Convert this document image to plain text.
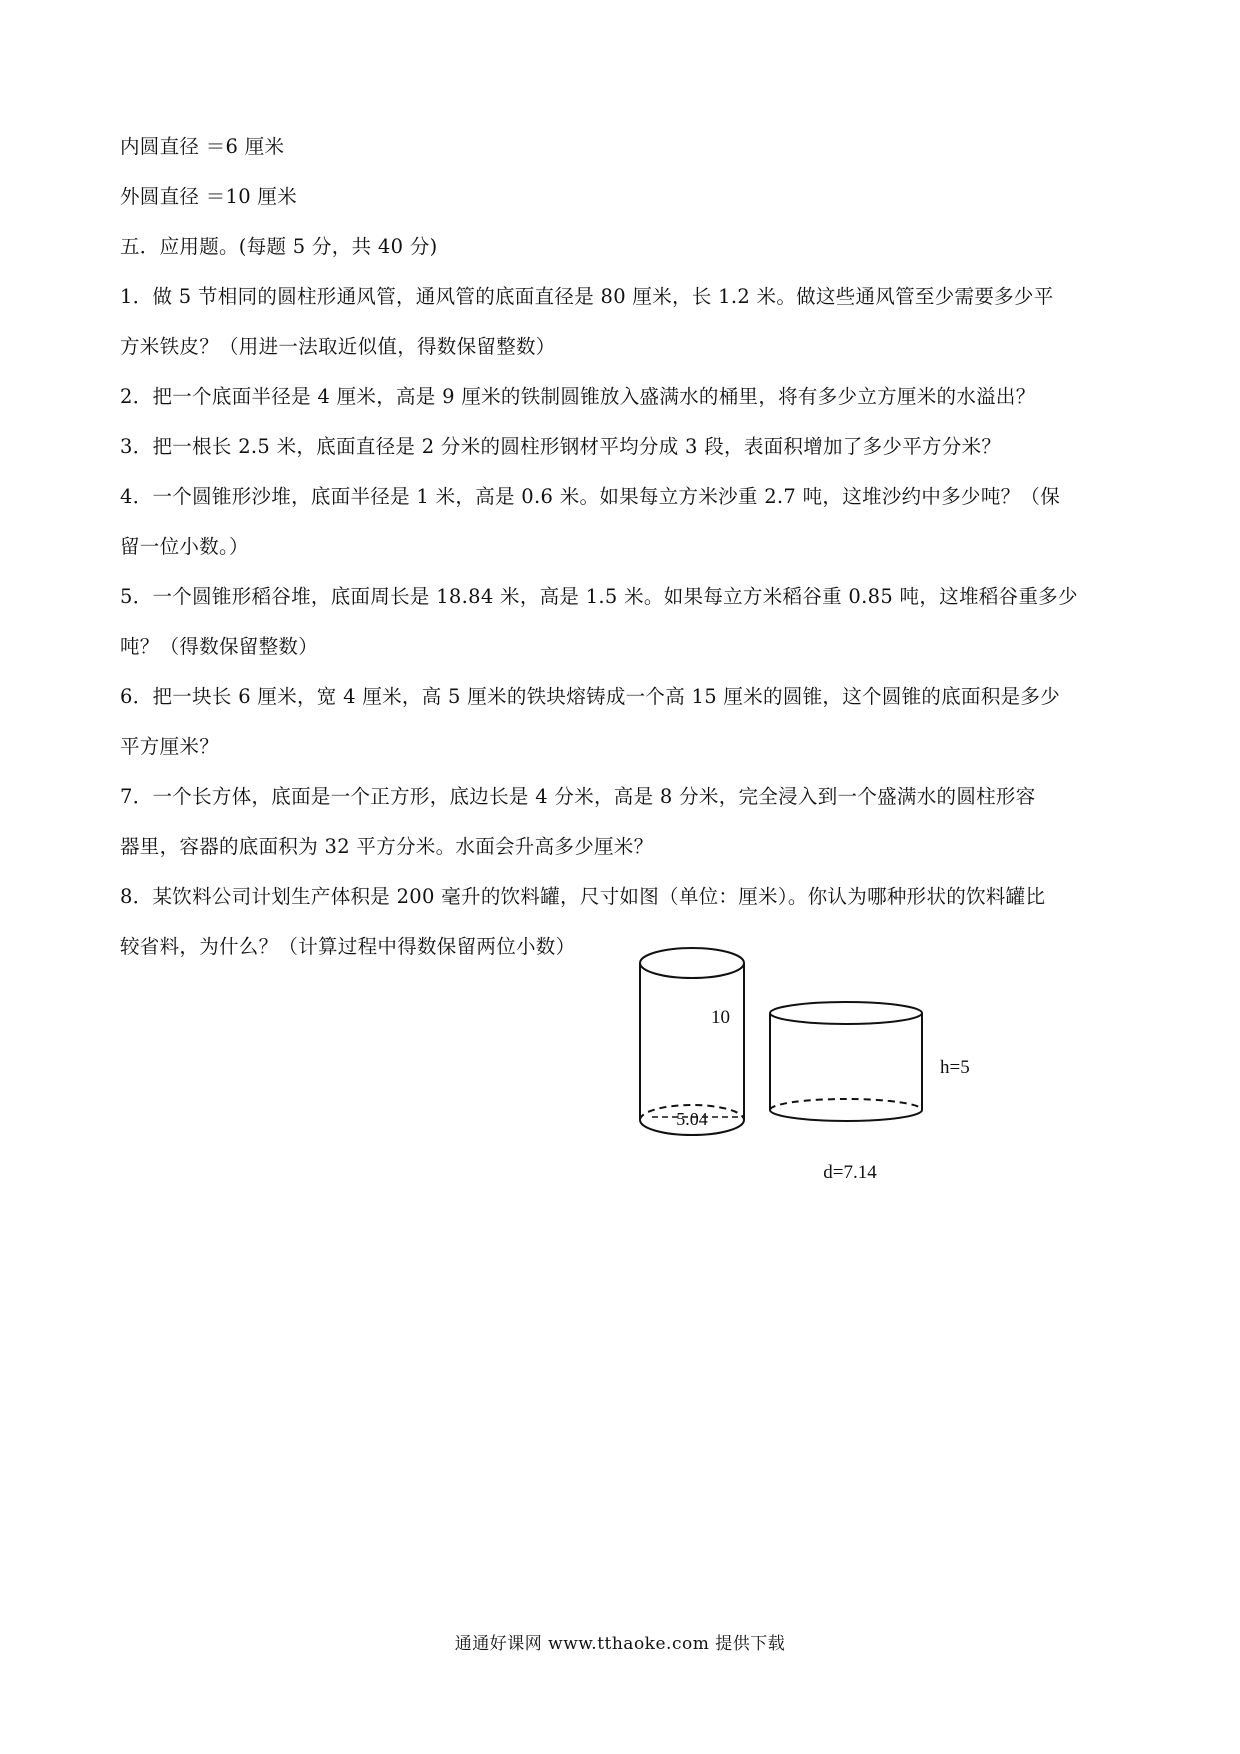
内圆直径 ＝6 厘米
外圆直径 ＝10 厘米
五．应用题。(每题 5 分，共 40 分)
1．做 5 节相同的圆柱形通风管，通风管的底面直径是 80 厘米，长 1.2 米。做这些通风管至少需要多少平
方米铁皮？（用进一法取近似值，得数保留整数）
2．把一个底面半径是 4 厘米，高是 9 厘米的铁制圆锥放入盛满水的桶里，将有多少立方厘米的水溢出？
3．把一根长 2.5 米，底面直径是 2 分米的圆柱形钢材平均分成 3 段，表面积增加了多少平方分米？
4．一个圆锥形沙堆，底面半径是 1 米，高是 0.6 米。如果每立方米沙重 2.7 吨，这堆沙约中多少吨？（保
留一位小数。）
5．一个圆锥形稻谷堆，底面周长是 18.84 米，高是 1.5 米。如果每立方米稻谷重 0.85 吨，这堆稻谷重多少
吨？（得数保留整数）
6．把一块长 6 厘米，宽 4 厘米，高 5 厘米的铁块熔铸成一个高 15 厘米的圆锥，这个圆锥的底面积是多少
平方厘米？
7．一个长方体，底面是一个正方形，底边长是 4 分米，高是 8 分米，完全浸入到一个盛满水的圆柱形容
器里，容器的底面积为 32 平方分米。水面会升高多少厘米？
8．某饮料公司计划生产体积是 200 毫升的饮料罐，尺寸如图（单位：厘米）。你认为哪种形状的饮料罐比
较省料，为什么？（计算过程中得数保留两位小数）
10
5.04
h=5
d=7.14
通通好课网 www.tthaoke.com 提供下载
